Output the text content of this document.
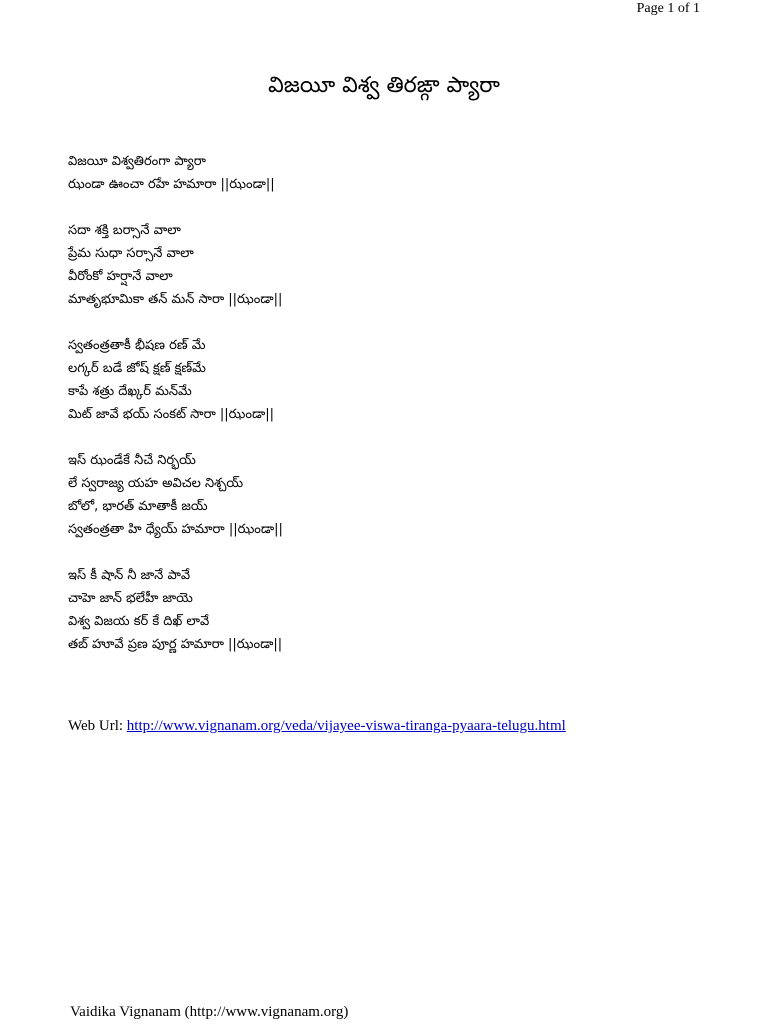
Page 1 of 1
విజయీ విశ్వ తిరఙ్గా ప్యారా
విజయీ విశ్వతిరంగా ప్యారా
ఝండా ఊంచా రహే హమారా ||ఝండా||
సదా శక్తి బర్సానే వాలా
ప్రేమ సుధా సర్సానే వాలా
వీరోంకో హర్షానే వాలా
మాతృభూమికా తన్ మన్ సారా ||ఝండా||
స్వతంత్రతాకీ భీషణ రణ్ మే
లగ్కర్ బడే జోష్ క్షణ్ క్షణ్‌మే
కాపే శత్రు దేఖ్కర్ మన్‌మే
మిట్ జావే భయ్ సంకట్ సారా ||ఝండా||
ఇస్ ఝండేకే నీచే నిర్భయ్
లే స్వరాజ్య యహ అవిచల నిశ్చయ్
బోలో, భారత్ మాతాకీ జయ్
స్వతంత్రతా హి ధ్యేయ్ హమారా ||ఝండా||
ఇస్ కీ షాన్ నీ జానే పావే
చాహె జాన్ భలేహీ జాయె
విశ్వ విజయ కర్ కే దిఖ్ లావే
తబ్ హూవే ప్రణ పూర్ణ హమారా ||ఝండా||
Web Url: http://www.vignanam.org/veda/vijayee-viswa-tiranga-pyaara-telugu.html
Vaidika Vignanam (http://www.vignanam.org)
